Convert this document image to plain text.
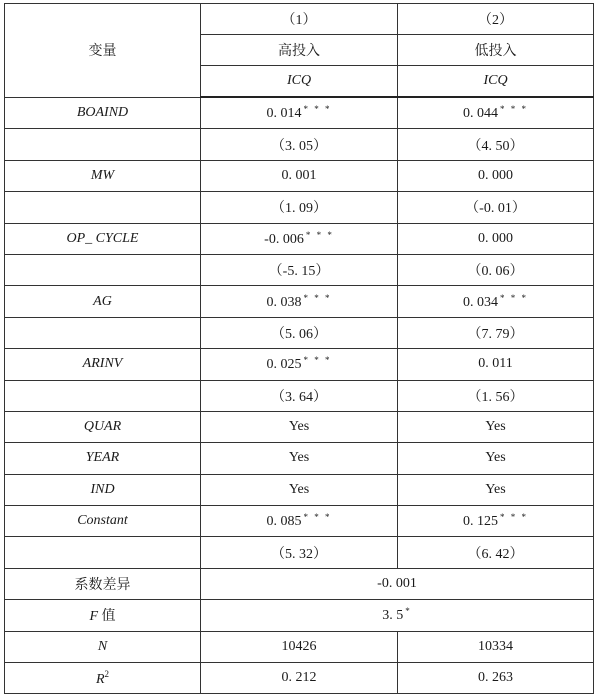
变量	（1）	（2）
	高投入	低投入
	ICQ	ICQ
BOAIND	0. 014 * * *	0. 044 * * *
	（3. 05）	（4. 50）
MW	0. 001	0. 000
	（1. 09）	（-0. 01）
OP_ CYCLE	-0. 006 * * *	0. 000
	（-5. 15）	（0. 06）
AG	0. 038 * * *	0. 034 * * *
	（5. 06）	（7. 79）
ARINV	0. 025 * * *	0. 011
	（3. 64）	（1. 56）
QUAR	Yes	Yes
YEAR	Yes	Yes
IND	Yes	Yes
Constant	0. 085 * * *	0. 125 * * *
	（5. 32）	（6. 42）
系数差异	-0. 001	
F 值	3. 5 *
N	10426	10334
$R^2$	0. 212	0. 263
